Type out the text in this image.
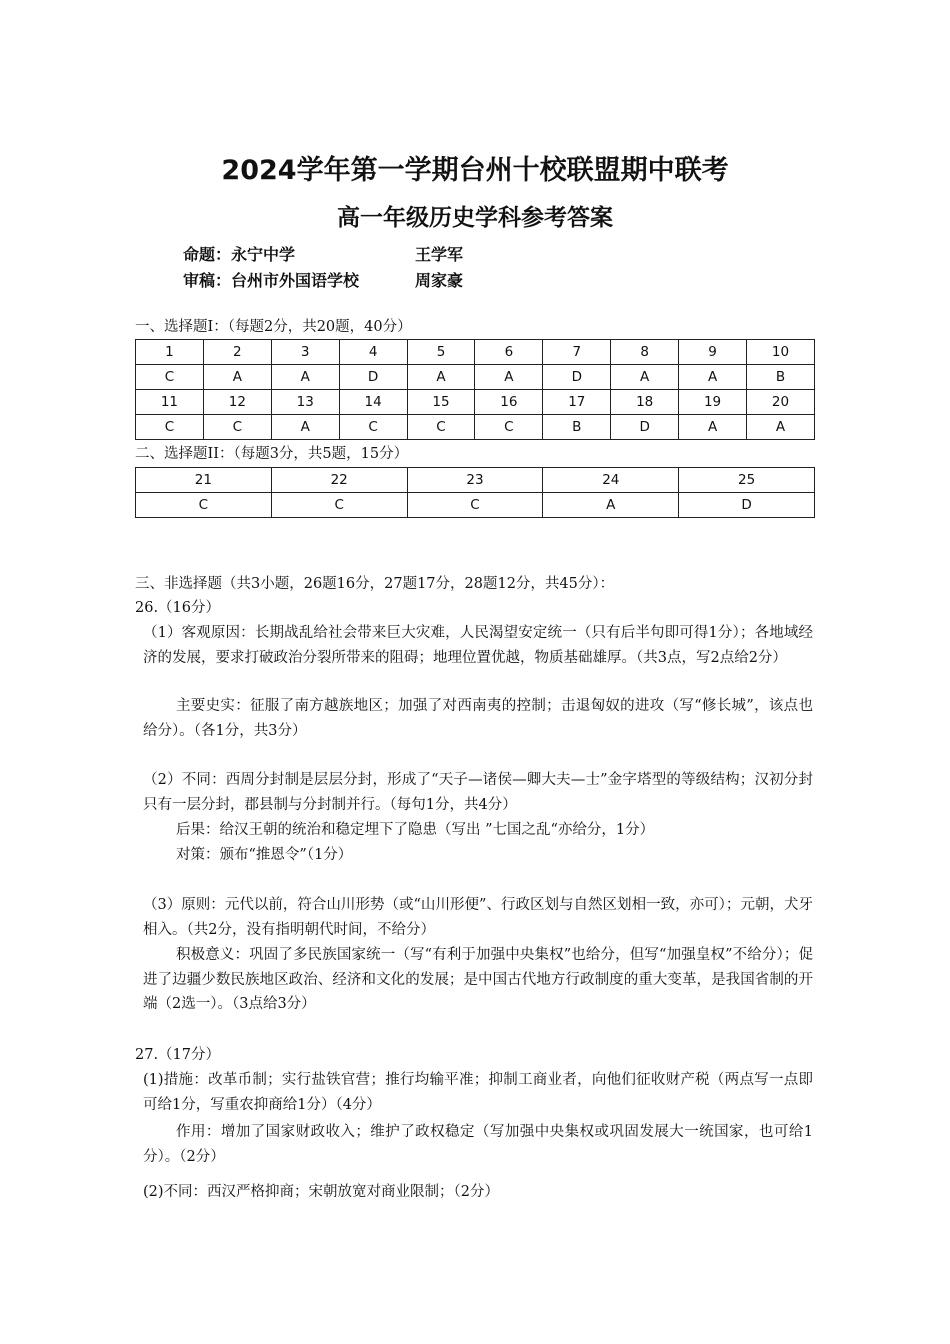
2024学年第一学期台州十校联盟期中联考
高一年级历史学科参考答案
命题：永宁中学	王学军
审稿：台州市外国语学校	周家豪
一、选择题I：（每题2分，共20题，40分）
1	2	3	4	5	6	7	8	9	10
C	A	A	D	A	A	D	A	A	B
11	12	13	14	15	16	17	18	19	20
C	C	A	C	C	C	B	D	A	A
二、选择题II：（每题3分，共5题，15分）
21	22	23	24	25
C	C	C	A	D
三、非选择题（共3小题，26题16分，27题17分，28题12分，共45分）：
26.（16分）
（1）客观原因：长期战乱给社会带来巨大灾难，人民渴望安定统一（只有后半句即可得1分）；各地域经济的发展，要求打破政治分裂所带来的阻碍；地理位置优越，物质基础雄厚。（共3点，写2点给2分）
主要史实：征服了南方越族地区；加强了对西南夷的控制；击退匈奴的进攻（写“修长城”，该点也给分）。（各1分，共3分）
（2）不同：西周分封制是层层分封，形成了“天子—诸侯—卿大夫—士”金字塔型的等级结构；汉初分封只有一层分封，郡县制与分封制并行。（每句1分，共4分）
后果：给汉王朝的统治和稳定埋下了隐患（写出 ”七国之乱“亦给分，1分）
对策：颁布“推恩令”（1分）
（3）原则：元代以前，符合山川形势（或“山川形便”、行政区划与自然区划相一致，亦可）；元朝，犬牙相入。（共2分，没有指明朝代时间，不给分）
积极意义：巩固了多民族国家统一（写“有利于加强中央集权”也给分，但写“加强皇权”不给分）；促进了边疆少数民族地区政治、经济和文化的发展；是中国古代地方行政制度的重大变革，是我国省制的开端（2选一）。（3点给3分）
27.（17分）
(1)措施：改革币制；实行盐铁官营；推行均输平准；抑制工商业者，向他们征收财产税（两点写一点即可给1分，写重农抑商给1分）（4分）
作用：增加了国家财政收入；维护了政权稳定（写加强中央集权或巩固发展大一统国家，也可给1分）。（2分）
(2)不同：西汉严格抑商；宋朝放宽对商业限制；（2分）
